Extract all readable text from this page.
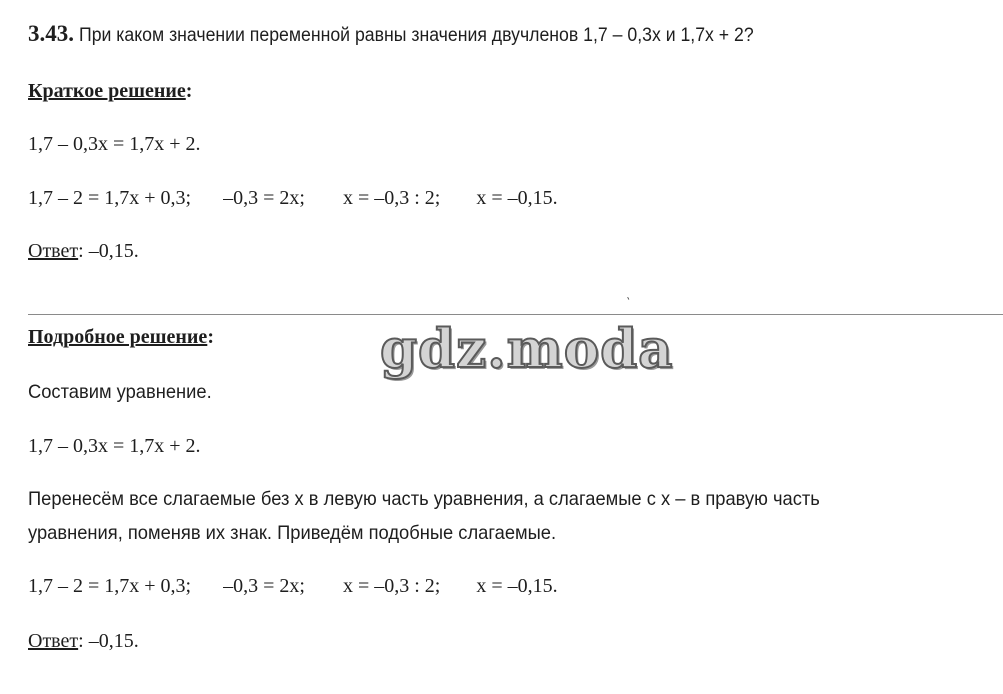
3.43. При каком значении переменной равны значения двучленов 1,7 – 0,3x и 1,7x + 2?
Краткое решение:
1,7 – 0,3x = 1,7x + 2.
1,7 – 2 = 1,7x + 0,3; –0,3 = 2x; x = –0,3 : 2; x = –0,15.
Ответ: –0,15.
`
Подробное решение:	gdz.moda
Составим уравнение.
1,7 – 0,3x = 1,7x + 2.
Перенесём все слагаемые без x в левую часть уравнения, а слагаемые с x – в правую часть
уравнения, поменяв их знак. Приведём подобные слагаемые.
1,7 – 2 = 1,7x + 0,3; –0,3 = 2x; x = –0,3 : 2; x = –0,15.
Ответ: –0,15.
